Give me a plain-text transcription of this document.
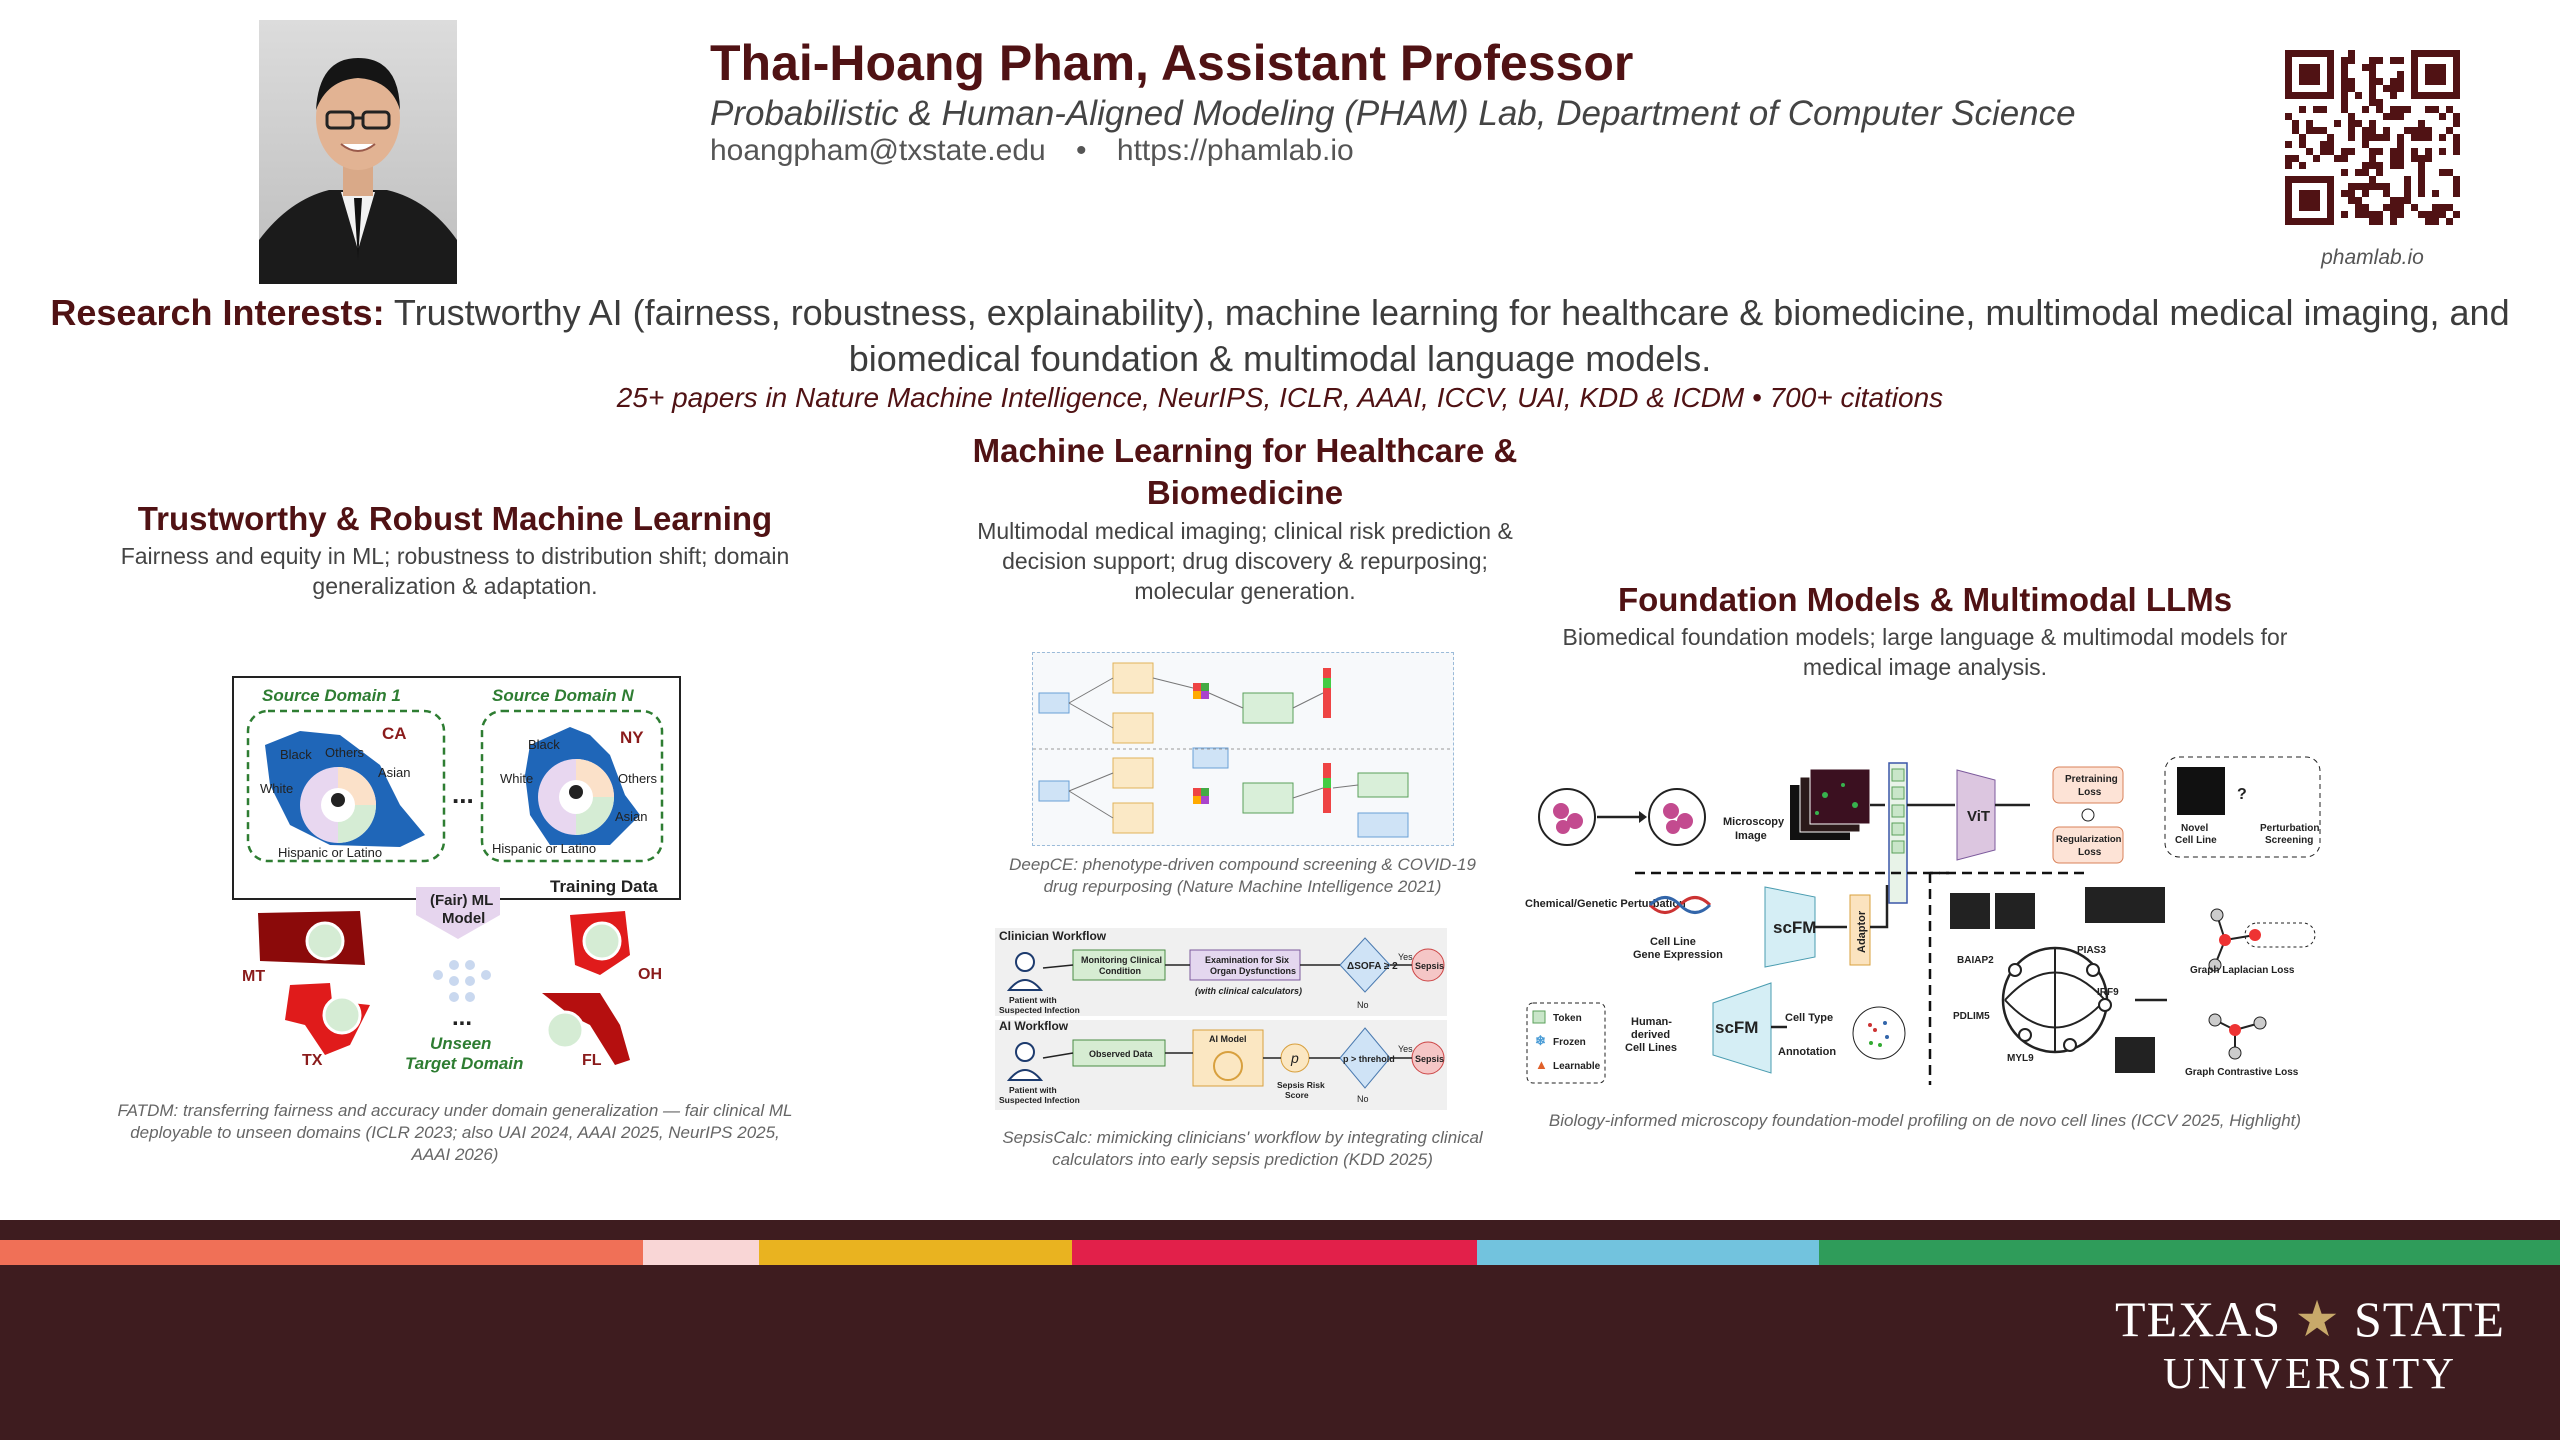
Thai-Hoang Pham, Assistant Professor
Probabilistic & Human-Aligned Modeling (PHAM) Lab, Department of Computer Science
hoangpham@txstate.edu • https://phamlab.io
phamlab.io
Research Interests: Trustworthy AI (fairness, robustness, explainability), machine learning for healthcare & biomedicine, multimodal medical imaging, and biomedical foundation & multimodal language models.
25+ papers in Nature Machine Intelligence, NeurIPS, ICLR, AAAI, ICCV, UAI, KDD & ICDM • 700+ citations
Trustworthy & Robust Machine Learning
Fairness and equity in ML; robustness to distribution shift; domain generalization & adaptation.
Source Domain 1	Source Domain N
CA	NY
Black Others
Asian
White
Hispanic or Latino
Black
Others
Asian
White
Hispanic or Latino
...
Training Data
(Fair) ML
Model
MT	OH
TX	FL
...
Unseen
Target Domain
FATDM: transferring fairness and accuracy under domain generalization — fair clinical ML deployable to unseen domains (ICLR 2023; also UAI 2024, AAAI 2025, NeurIPS 2025, AAAI 2026)
Machine Learning for Healthcare & Biomedicine
Multimodal medical imaging; clinical risk prediction & decision support; drug discovery & repurposing; molecular generation.
DeepCE: phenotype-driven compound screening & COVID-19 drug repurposing (Nature Machine Intelligence 2021)
Clinician Workflow
AI Workflow
Patient with
Suspected Infection
Patient with
Suspected Infection
Monitoring Clinical
Condition
Examination for Six
Organ Dysfunctions
(with clinical calculators)
ΔSOFA ≥ 2
Yes
No
Sepsis
Observed Data
AI Model
p
Sepsis Risk
Score
p > threhold
Yes
No
Sepsis
SepsisCalc: mimicking clinicians' workflow by integrating clinical calculators into early sepsis prediction (KDD 2025)
Foundation Models & Multimodal LLMs
Biomedical foundation models; large language & multimodal models for medical image analysis.
Chemical/Genetic Perturbation
Microscopy
Image
ViT
Pretraining
Loss
Regularization
Loss
?
Novel
Cell Line
Perturbation
Screening
Cell Line
Gene Expression
scFM	Adaptor
Token
Frozen
❄
Learnable
▲
Human-
derived
Cell Lines
scFM Cell Type
Annotation
BAIAP2
PIAS3
IRF9
PDLIM5
MYL9
Graph Laplacian Loss
Graph Contrastive Loss
Biology-informed microscopy foundation-model profiling on de novo cell lines (ICCV 2025, Highlight)
TEXAS ★ STATE
UNIVERSITY
